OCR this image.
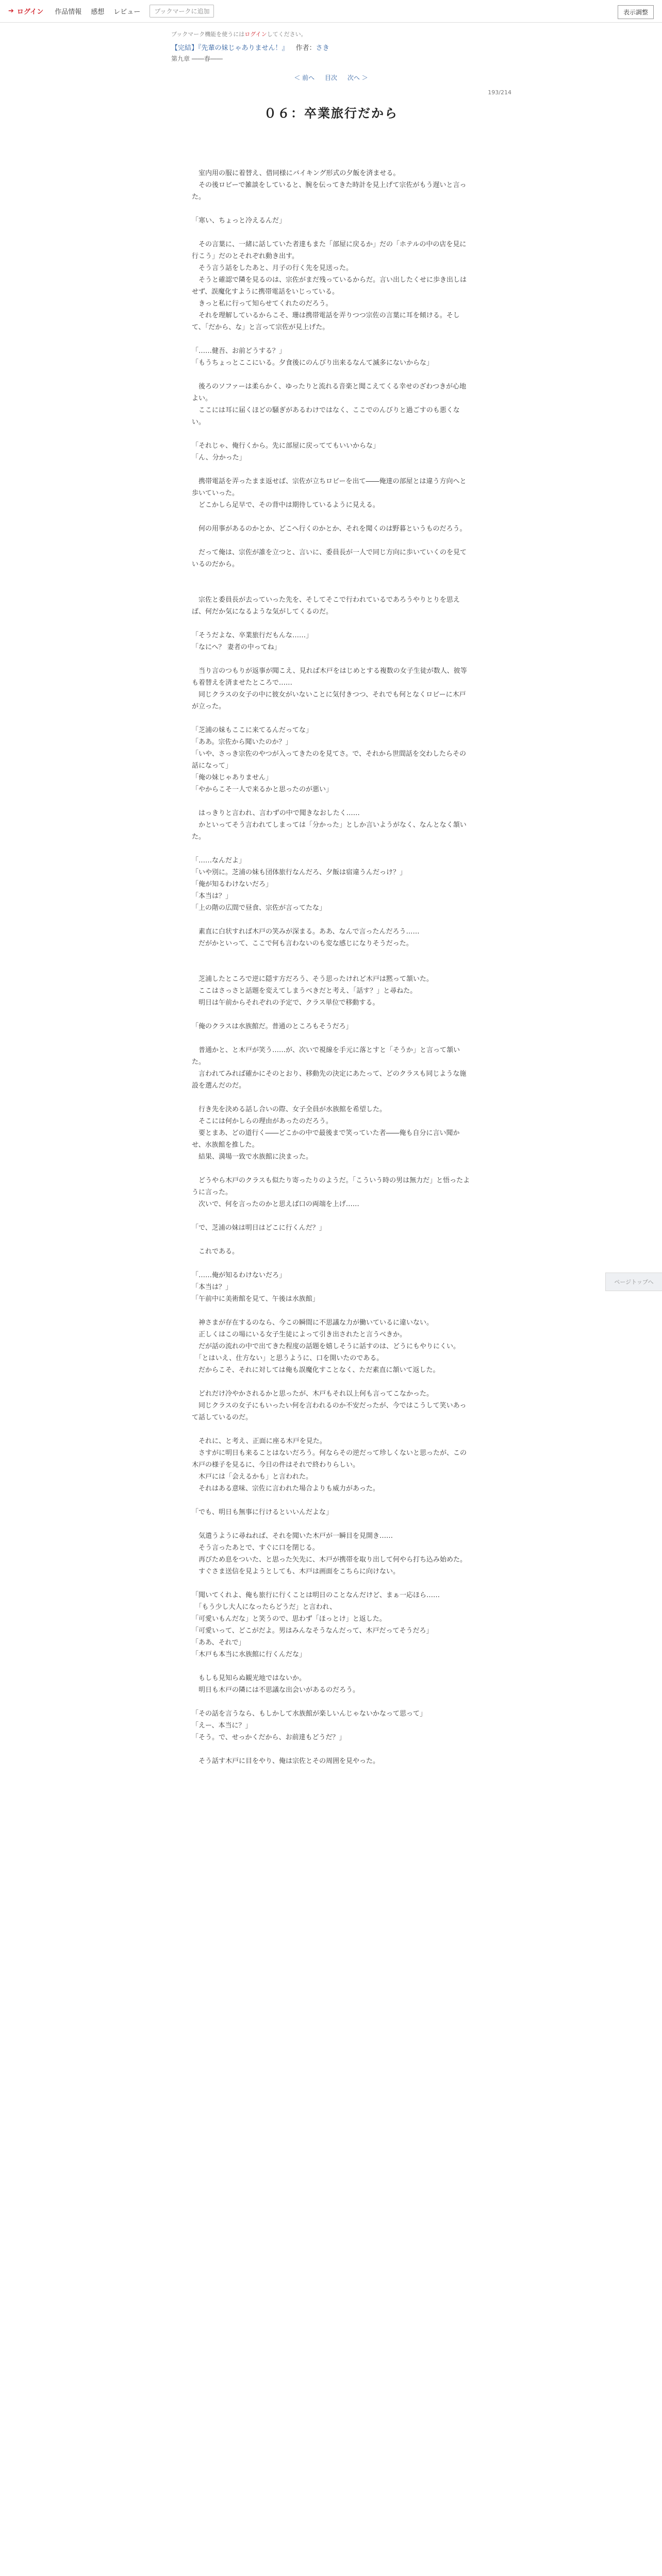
➔ ログイン 作品情報 感想 レビュー	ブックマークに追加	表示調整
ブックマーク機能を使うにはログインしてください。
【完結】『先輩の妹じゃありません！』 作者：さき
第九章 ――春――
＜ 前へ 目次 次へ ＞
193/214
０６：卒業旅行だから

　室内用の服に着替え、借同様にバイキング形式の夕飯を済ませる。

　その後ロビーで雑談をしていると、腕を伝ってきた時計を見上げて宗佐がもう遅いと言った。

「寒い、ちょっと冷えるんだ」

　その言葉に、一緒に話していた者達もまた「部屋に戻るか」だの「ホテルの中の店を見に行こう」だのとそれぞれ動き出す。

　そう言う話をしたあと、月子の行く先を見送った。

　そうと確認で隣を見るのは、宗佐がまだ残っているからだ。言い出したくせに歩き出しはせず、誤魔化すように携帯電話をいじっている。

　きっと私に行って知らせてくれたのだろう。

　それを理解しているからこそ、珊は携帯電話を弄りつつ宗佐の言葉に耳を傾ける。そして、「だから、な」と言って宗佐が見上げた。

「……健吾、お前どうする？」

「もうちょっとここにいる。夕食後にのんびり出来るなんて滅多にないからな」

　後ろのソファーは柔らかく、ゆったりと流れる音楽と聞こえてくる幸せのざわつきが心地よい。

　ここには耳に届くほどの騒ぎがあるわけではなく、ここでのんびりと過ごすのも悪くない。

「それじゃ、俺行くから。先に部屋に戻っててもいいからな」

「ん、分かった」

　携帯電話を弄ったまま返せば、宗佐が立ちロビーを出て――俺達の部屋とは違う方向へと歩いていった。

　どこかしら足早で、その背中は期待しているように見える。

　何の用事があるのかとか、どこへ行くのかとか、それを聞くのは野暮というものだろう。

　だって俺は、宗佐が誰を立つと、言いに、委員長が一人で同じ方向に歩いていくのを見ているのだから。

　宗佐と委員長が去っていった先を、そしてそこで行われているであろうやりとりを思えば、何だか気になるような気がしてくるのだ。

「そうだよな、卒業旅行だもんな……」

「なにへ？ 妻者の中ってね」

　当り言のつもりが返事が聞こえ、見れば木戸をはじめとする複数の女子生徒が数人、彼等も着替えを済ませたところで……

　同じクラスの女子の中に彼女がいないことに気付きつつ、それでも何となくロビーに木戸が立った。

「芝浦の妹もここに来てるんだってな」

「ああ。宗佐から聞いたのか？」

「いや、さっき宗佐のやつが入ってきたのを見てさ。で、それから世間話を交わしたらその話になって」

「俺の妹じゃありません」

「やからこそ一人で来るかと思ったのが悪い」

　はっきりと言われ、言わずの中で聞きなおしたく……

　かといってそう言われてしまっては「分かった」としか言いようがなく、なんとなく頷いた。

「……なんだよ」

「いや別に。芝浦の妹も団体旅行なんだろ、夕飯は宿違うんだっけ？」

「俺が知るわけないだろ」

「本当は？」

「上の階の広間で昼食、宗佐が言ってたな」

　素直に白状すれば木戸の笑みが深まる。ああ、なんで言ったんだろう……

　だがかといって、ここで何も言わないのも変な感じになりそうだった。

　芝浦したところで逆に隠す方だろう、そう思ったけれど木戸は黙って頷いた。

　ここはさっさと話題を変えてしまうべきだと考え、「話す？」と尋ねた。

　明日は午前からそれぞれの予定で、クラス単位で移動する。

「俺のクラスは水族館だ。普通のところもそうだろ」

　普通かと、と木戸が笑う……が、次いで視線を手元に落とすと「そうか」と言って頷いた。

　言われてみれば確かにそのとおり、移動先の決定にあたって、どのクラスも同じような施設を選んだのだ。

　行き先を決める話し合いの際、女子全員が水族館を希望した。

　そこには何かしらの理由があったのだろう。

　要とまあ、どの道行く――どこかの中で最後まで笑っていた者――俺も自分に言い聞かせ、水族館を推した。

　結果、満場一致で水族館に決まった。

　どうやら木戸のクラスも似たり寄ったりのようだ。「こういう時の男は無力だ」と悟ったように言った。

　次いで、何を言ったのかと思えば口の両端を上げ……

「で、芝浦の妹は明日はどこに行くんだ？」

　これである。

「……俺が知るわけないだろ」

「本当は？」

「午前中に美術館を見て、午後は水族館」

　神さまが存在するのなら、今この瞬間に不思議な力が働いているに違いない。

　正しくはこの場にいる女子生徒によって引き出されたと言うべきか。

　だが話の流れの中で出てきた程度の話題を嬉しそうに話すのは、どうにもやりにくい。

　「とはいえ、仕方ない」と思うように、口を開いたのである。

　だからこそ、それに対しては俺も誤魔化すことなく、ただ素直に頷いて返した。

　どれだけ冷やかされるかと思ったが、木戸もそれ以上何も言ってこなかった。

　同じクラスの女子にもいったい何を言われるのか不安だったが、今ではこうして笑いあって話しているのだ。

　それに、と考え、正面に座る木戸を見た。

　さすがに明日も来ることはないだろう。何ならその逆だって珍しくないと思ったが、この木戸の様子を見るに、今日の件はそれで終わりらしい。

　木戸には「会えるかも」と言われた。

　それはある意味、宗佐に言われた場合よりも威力があった。

「でも、明日も無事に行けるといいんだよな」

　気遣うように尋ねれば、それを聞いた木戸が一瞬目を見開き……

　そう言ったあとで、すぐに口を閉じる。

　再びため息をついた、と思った矢先に、木戸が携帯を取り出して何やら打ち込み始めた。

　すぐさま送信を見ようとしても、木戸は画面をこちらに向けない。

「聞いてくれよ、俺も旅行に行くことは明日のことなんだけど、まぁ一応ほら……

　「もう少し大人になったらどうだ」と言われ、

「可愛いもんだな」と笑うので、思わず「ほっとけ」と返した。

「可愛いって、どこがだよ。男はみんなそうなんだって、木戸だってそうだろ」

「ああ、それで」

「木戸も本当に水族館に行くんだな」

　もしも見知らぬ観光地ではないか。

　明日も木戸の隣には不思議な出会いがあるのだろう。

「その話を言うなら、もしかして水族館が楽しいんじゃないかなって思って」

「えー、本当に？」

「そう。で、せっかくだから、お前達もどうだ？」

　そう話す木戸に目をやり、俺は宗佐とその周囲を見やった。

ページトップへ
